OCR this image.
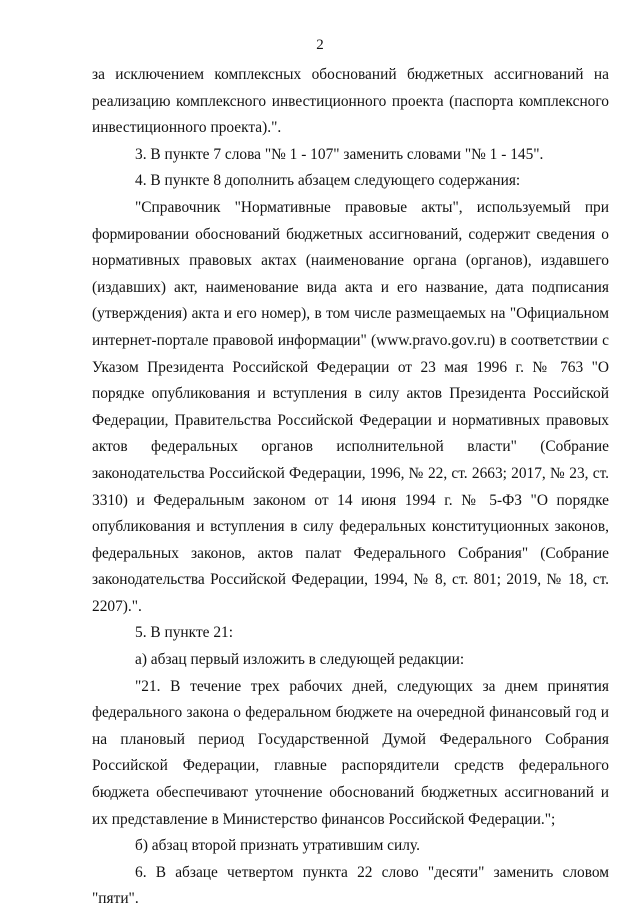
2

за исключением комплексных обоснований бюджетных ассигнований на реализацию комплексного инвестиционного проекта (паспорта комплексного инвестиционного проекта).".

3. В пункте 7 слова "№ 1 - 107" заменить словами "№ 1 - 145".

4. В пункте 8 дополнить абзацем следующего содержания:

"Справочник "Нормативные правовые акты", используемый при формировании обоснований бюджетных ассигнований, содержит сведения о нормативных правовых актах (наименование органа (органов), издавшего (издавших) акт, наименование вида акта и его название, дата подписания (утверждения) акта и его номер), в том числе размещаемых на "Официальном интернет-портале правовой информации" (www.pravo.gov.ru) в соответствии с Указом Президента Российской Федерации от 23 мая 1996 г. № 763 "О порядке опубликования и вступления в силу актов Президента Российской Федерации, Правительства Российской Федерации и нормативных правовых актов федеральных органов исполнительной власти" (Собрание законодательства Российской Федерации, 1996, № 22, ст. 2663; 2017, № 23, ст. 3310) и Федеральным законом от 14 июня 1994 г. № 5-ФЗ "О порядке опубликования и вступления в силу федеральных конституционных законов, федеральных законов, актов палат Федерального Собрания" (Собрание законодательства Российской Федерации, 1994, № 8, ст. 801; 2019, № 18, ст. 2207).".

5. В пункте 21:

а) абзац первый изложить в следующей редакции:

"21. В течение трех рабочих дней, следующих за днем принятия федерального закона о федеральном бюджете на очередной финансовый год и на плановый период Государственной Думой Федерального Собрания Российской Федерации, главные распорядители средств федерального бюджета обеспечивают уточнение обоснований бюджетных ассигнований и их представление в Министерство финансов Российской Федерации.";

б) абзац второй признать утратившим силу.

6. В абзаце четвертом пункта 22 слово "десяти" заменить словом "пяти".
